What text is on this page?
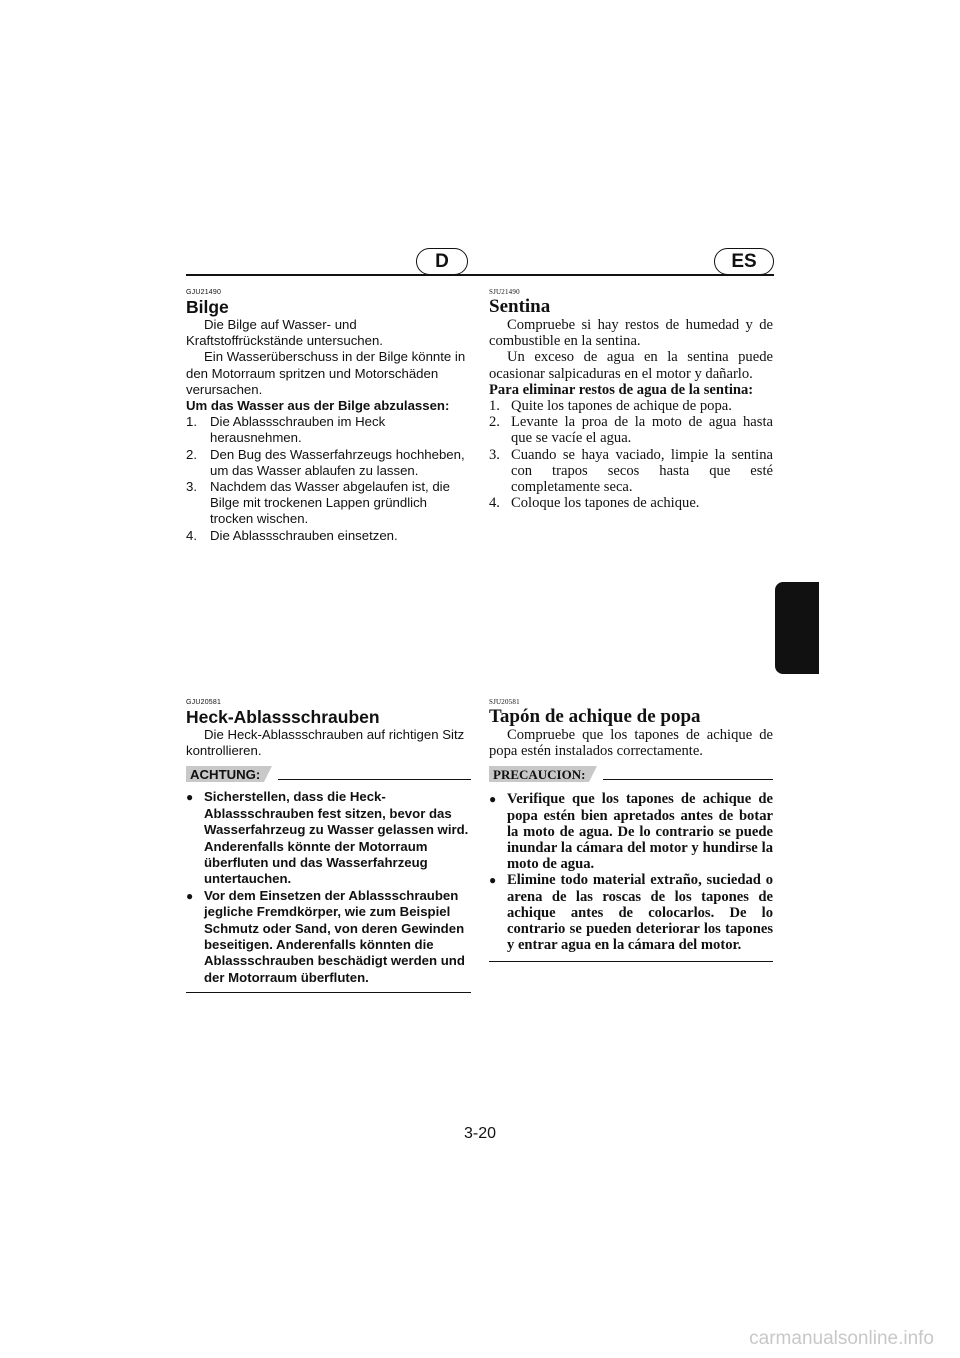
D	ES
GJU21490
Bilge

Die Bilge auf Wasser- und Kraftstoffrückstände untersuchen.

Ein Wasserüberschuss in der Bilge könnte in den Motorraum spritzen und Motorschäden verursachen.

Um das Wasser aus der Bilge abzulassen:

1. Die Ablassschrauben im Heck herausnehmen.
2. Den Bug des Wasserfahrzeugs hochheben, um das Wasser ablaufen zu lassen.
3. Nachdem das Wasser abgelaufen ist, die Bilge mit trockenen Lappen gründlich trocken wischen.
4. Die Ablassschrauben einsetzen.
SJU21490
Sentina

Compruebe si hay restos de humedad y de combustible en la sentina.

Un exceso de agua en la sentina puede ocasionar salpicaduras en el motor y dañarlo.

Para eliminar restos de agua de la sentina:

1. Quite los tapones de achique de popa.
2. Levante la proa de la moto de agua hasta que se vacíe el agua.
3. Cuando se haya vaciado, limpie la sentina con trapos secos hasta que esté completamente seca.
4. Coloque los tapones de achique.
GJU20581
Heck-Ablassschrauben

Die Heck-Ablassschrauben auf richtigen Sitz kontrollieren.

ACHTUNG:
● Sicherstellen, dass die Heck-Ablassschrauben fest sitzen, bevor das Wasserfahrzeug zu Wasser gelassen wird. Anderenfalls könnte der Motorraum überfluten und das Wasserfahrzeug untertauchen.
● Vor dem Einsetzen der Ablassschrauben jegliche Fremdkörper, wie zum Beispiel Schmutz oder Sand, von deren Gewinden beseitigen. Anderenfalls könnten die Ablassschrauben beschädigt werden und der Motorraum überfluten.
SJU20581
Tapón de achique de popa

Compruebe que los tapones de achique de popa estén instalados correctamente.

PRECAUCION:
● Verifique que los tapones de achique de popa estén bien apretados antes de botar la moto de agua. De lo contrario se puede inundar la cámara del motor y hundirse la moto de agua.
● Elimine todo material extraño, suciedad o arena de las roscas de los tapones de achique antes de colocarlos. De lo contrario se pueden deteriorar los tapones y entrar agua en la cámara del motor.
3-20
carmanualsonline.info
